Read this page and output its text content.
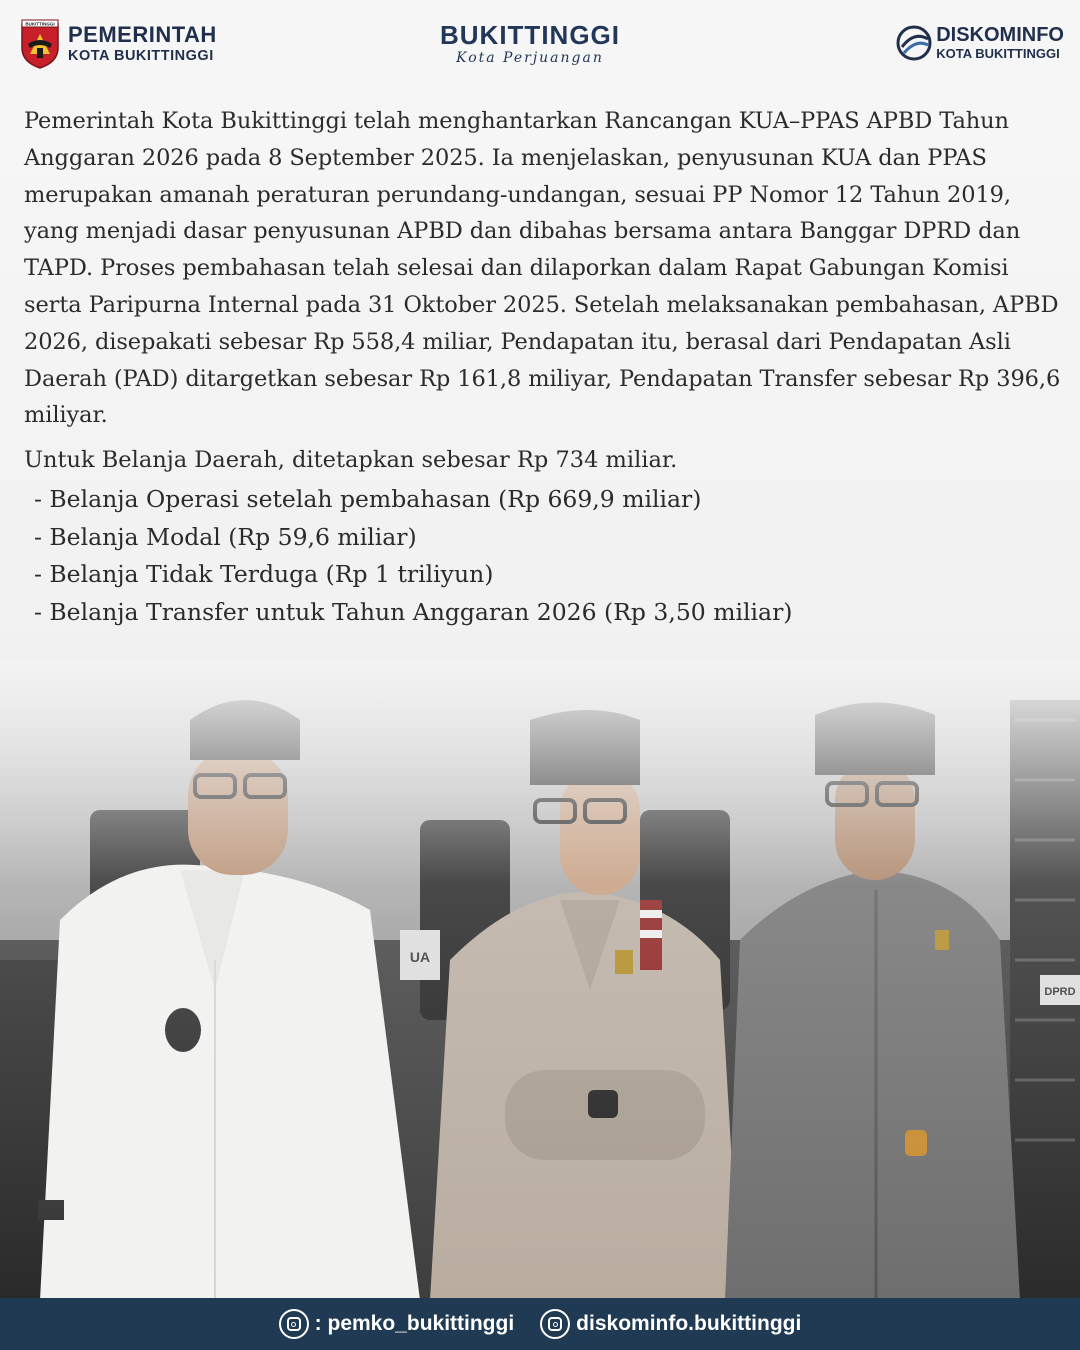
BUKITTINGGI PEMERINTAH
KOTA BUKITTINGGI
BUKITTINGGI
Kota Perjuangan
DISKOMINFO
KOTA BUKITTINGGI

Pemerintah Kota Bukittinggi telah menghantarkan Rancangan KUA–PPAS APBD Tahun Anggaran 2026 pada 8 September 2025. Ia menjelaskan, penyusunan KUA dan PPAS merupakan amanah peraturan perundang-undangan, sesuai PP Nomor 12 Tahun 2019, yang menjadi dasar penyusunan APBD dan dibahas bersama antara Banggar DPRD dan TAPD. Proses pembahasan telah selesai dan dilaporkan dalam Rapat Gabungan Komisi serta Paripurna Internal pada 31 Oktober 2025. Setelah melaksanakan pembahasan, APBD 2026, disepakati sebesar Rp 558,4 miliar, Pendapatan itu, berasal dari Pendapatan Asli Daerah (PAD) ditargetkan sebesar Rp 161,8 miliyar, Pendapatan Transfer sebesar Rp 396,6 miliyar.

Untuk Belanja Daerah, ditetapkan sebesar Rp 734 miliar.

- Belanja Operasi setelah pembahasan (Rp 669,9 miliar)
- Belanja Modal (Rp 59,6 miliar)
- Belanja Tidak Terduga (Rp 1 triliyun)
- Belanja Transfer untuk Tahun Anggaran 2026 (Rp 3,50 miliar)
: pemko_bukittinggi	diskominfo.bukittinggi
